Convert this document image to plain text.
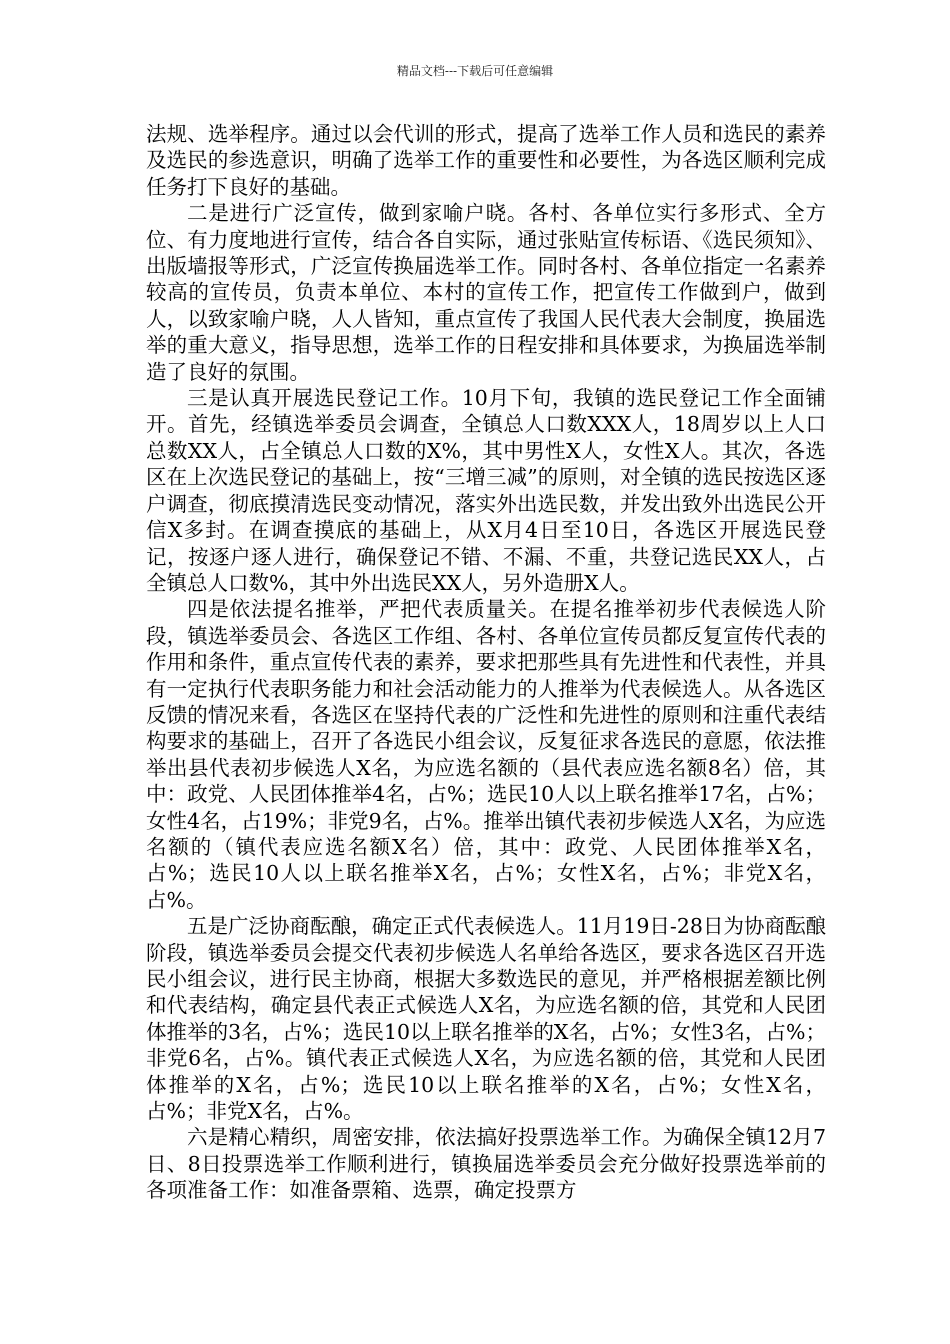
精品文档---下载后可任意编辑

法规、选举程序。通过以会代训的形式，提高了选举工作人员和选民的素养及选民的参选意识，明确了选举工作的重要性和必要性，为各选区顺利完成任务打下良好的基础。

二是进行广泛宣传，做到家喻户晓。各村、各单位实行多形式、全方位、有力度地进行宣传，结合各自实际，通过张贴宣传标语、《选民须知》、出版墙报等形式，广泛宣传换届选举工作。同时各村、各单位指定一名素养较高的宣传员，负责本单位、本村的宣传工作，把宣传工作做到户，做到人，以致家喻户晓，人人皆知，重点宣传了我国人民代表大会制度，换届选举的重大意义，指导思想，选举工作的日程安排和具体要求，为换届选举制造了良好的氛围。

三是认真开展选民登记工作。10月下旬，我镇的选民登记工作全面铺开。首先，经镇选举委员会调查，全镇总人口数XXX人，18周岁以上人口总数XX人，占全镇总人口数的X%，其中男性X人，女性X人。其次，各选区在上次选民登记的基础上，按“三增三减”的原则，对全镇的选民按选区逐户调查，彻底摸清选民变动情况，落实外出选民数，并发出致外出选民公开信X多封。在调查摸底的基础上，从X月4日至10日，各选区开展选民登记，按逐户逐人进行，确保登记不错、不漏、不重，共登记选民XX人，占全镇总人口数%，其中外出选民XX人，另外造册X人。

四是依法提名推举，严把代表质量关。在提名推举初步代表候选人阶段，镇选举委员会、各选区工作组、各村、各单位宣传员都反复宣传代表的作用和条件，重点宣传代表的素养，要求把那些具有先进性和代表性，并具有一定执行代表职务能力和社会活动能力的人推举为代表候选人。从各选区反馈的情况来看，各选区在坚持代表的广泛性和先进性的原则和注重代表结构要求的基础上，召开了各选民小组会议，反复征求各选民的意愿，依法推举出县代表初步候选人X名，为应选名额的（县代表应选名额8名）倍，其中：政党、人民团体推举4名，占%；选民10人以上联名推举17名，占%；女性4名，占19%；非党9名，占%。推举出镇代表初步候选人X名，为应选名额的（镇代表应选名额X名）倍，其中：政党、人民团体推举X名，占%；选民10人以上联名推举X名，占%；女性X名，占%；非党X名，占%。

五是广泛协商酝酿，确定正式代表候选人。11月19日-28日为协商酝酿阶段，镇选举委员会提交代表初步候选人名单给各选区，要求各选区召开选民小组会议，进行民主协商，根据大多数选民的意见，并严格根据差额比例和代表结构，确定县代表正式候选人X名，为应选名额的倍，其党和人民团体推举的3名，占%；选民10以上联名推举的X名，占%；女性3名，占%；非党6名，占%。镇代表正式候选人X名，为应选名额的倍，其党和人民团体推举的X名，占%；选民10以上联名推举的X名，占%；女性X名，占%；非党X名，占%。

六是精心精织，周密安排，依法搞好投票选举工作。为确保全镇12月7日、8日投票选举工作顺利进行，镇换届选举委员会充分做好投票选举前的各项准备工作：如准备票箱、选票，确定投票方
